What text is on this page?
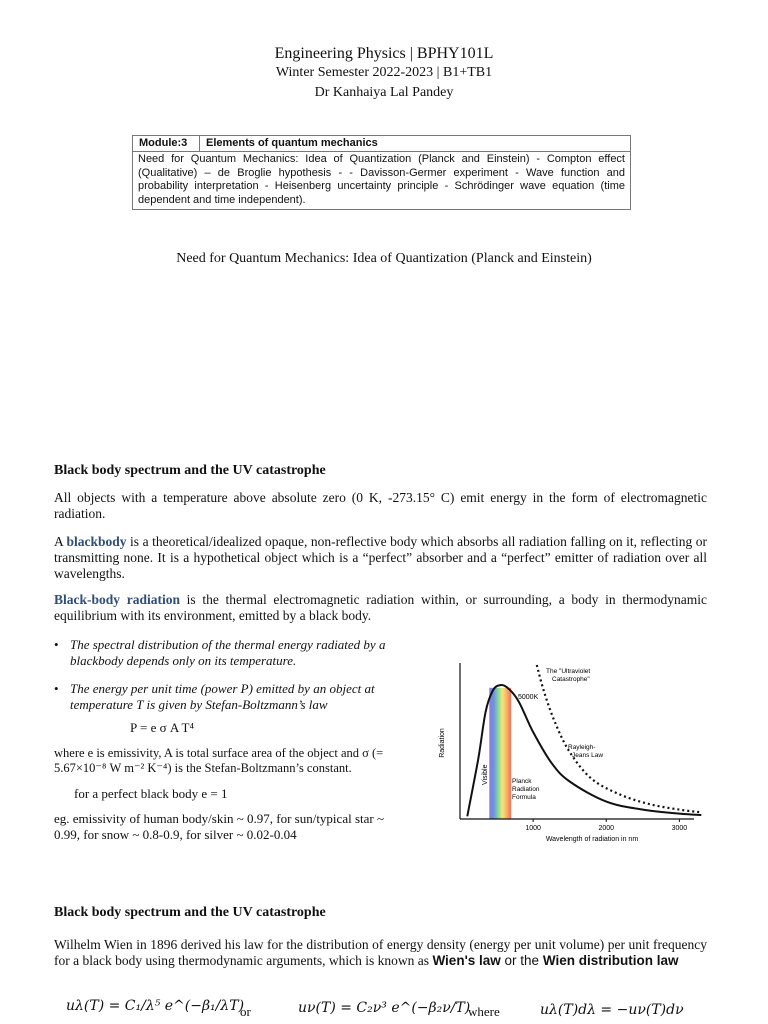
Engineering Physics | BPHY101L
Winter Semester 2022-2023 | B1+TB1
Dr Kanhaiya Lal Pandey
Module:3	Elements of quantum mechanics
Need for Quantum Mechanics: Idea of Quantization (Planck and Einstein) - Compton effect (Qualitative) – de Broglie hypothesis - - Davisson-Germer experiment - Wave function and probability interpretation - Heisenberg uncertainty principle - Schrödinger wave equation (time dependent and time independent).
Need for Quantum Mechanics: Idea of Quantization (Planck and Einstein)
Black body spectrum and the UV catastrophe
All objects with a temperature above absolute zero (0 K, -273.15° C) emit energy in the form of electromagnetic radiation.
A blackbody is a theoretical/idealized opaque, non-reflective body which absorbs all radiation falling on it, reflecting or transmitting none. It is a hypothetical object which is a “perfect” absorber and a “perfect” emitter of radiation over all wavelengths.
Black-body radiation is the thermal electromagnetic radiation within, or surrounding, a body in thermodynamic equilibrium with its environment, emitted by a black body.
• The spectral distribution of the thermal energy radiated by a blackbody depends only on its temperature.
• The energy per unit time (power P) emitted by an object at temperature T is given by Stefan-Boltzmann’s law
P = e σ A T⁴
where e is emissivity, A is total surface area of the object and σ (= 5.67×10⁻⁸ W m⁻² K⁻⁴) is the Stefan-Boltzmann’s constant.
for a perfect black body e = 1
eg. emissivity of human body/skin ~ 0.97, for sun/typical star ~ 0.99, for snow ~ 0.8-0.9, for silver ~ 0.02-0.04	1000	2000	3000
Radiation
Wavelength of radiation in nm
5000K
Visible
The "Ultraviolet Catastrophe"
Rayleigh- Jeans Law
Planck Radiation Formula
Black body spectrum and the UV catastrophe
Wilhelm Wien in 1896 derived his law for the distribution of energy density (energy per unit volume) per unit frequency for a black body using thermodynamic arguments, which is known as Wien's law or the Wien distribution law
uλ(T) = C₁/λ⁵ e^(−β₁/λT)
or	uν(T) = C₂ν³ e^(−β₂ν/T)
where	uλ(T)dλ = −uν(T)dν
